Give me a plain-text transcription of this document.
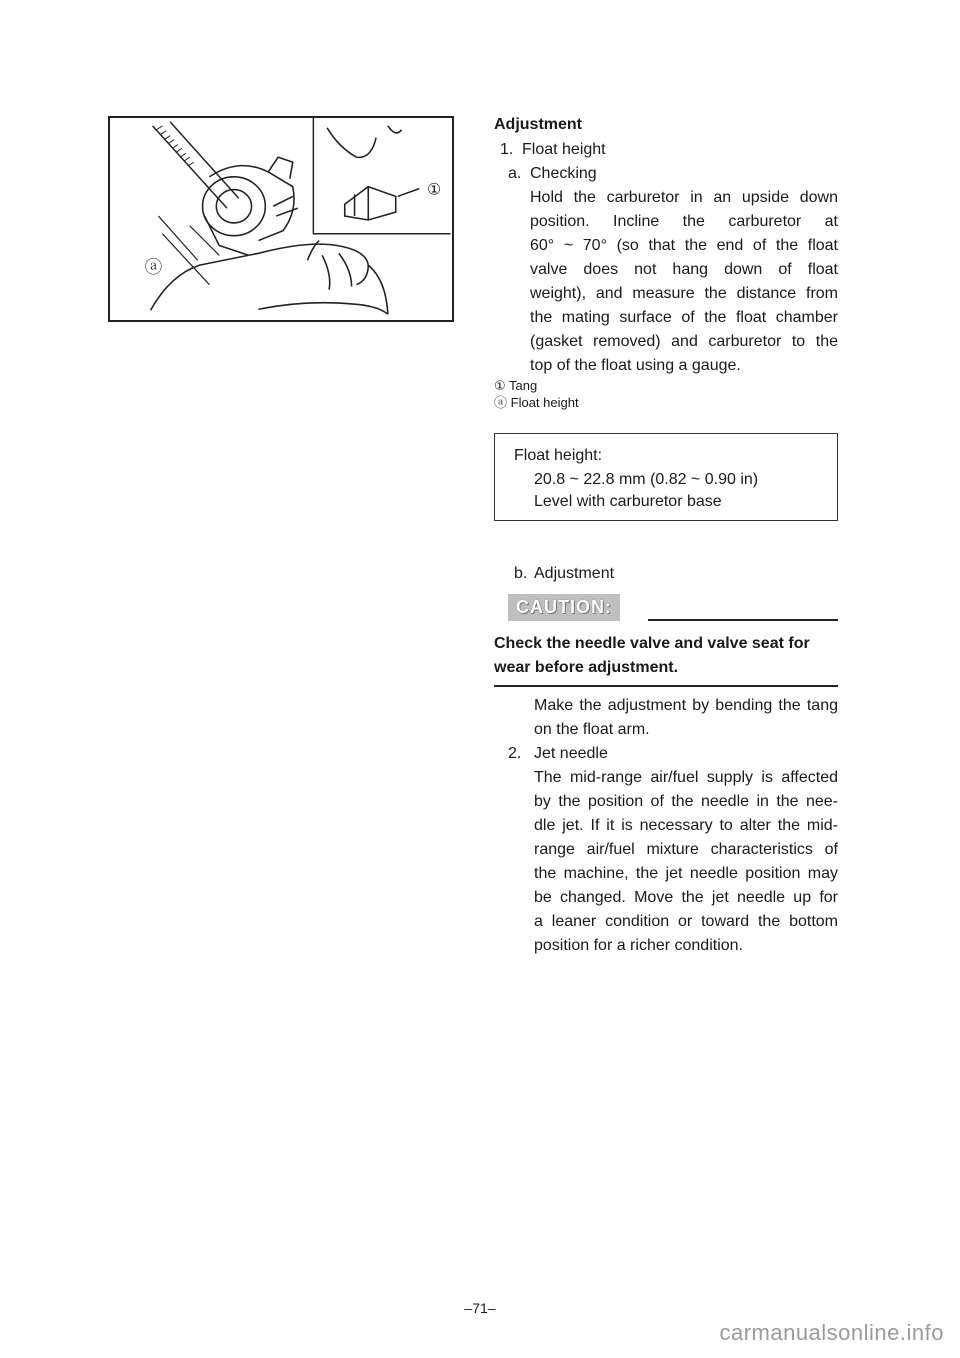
①
ⓐ
Adjustment
1. Float height
a. Checking
Hold the carburetor in an upside down
position. Incline the carburetor at
60° ~ 70° (so that the end of the float
valve does not hang down of float
weight), and measure the distance from
the mating surface of the float chamber
(gasket removed) and carburetor to the
top of the float using a gauge.
① Tang
ⓐ Float height
Float height:
20.8 ~ 22.8 mm (0.82 ~ 0.90 in)
Level with carburetor base
b. Adjustment
CAUTION:
Check the needle valve and valve seat for
wear before adjustment.
Make the adjustment by bending the tang
on the float arm.
2. Jet needle
The mid-range air/fuel supply is affected
by the position of the needle in the nee-
dle jet. If it is necessary to alter the mid-
range air/fuel mixture characteristics of
the machine, the jet needle position may
be changed. Move the jet needle up for
a leaner condition or toward the bottom
position for a richer condition.
–71–
carmanualsonline.info
